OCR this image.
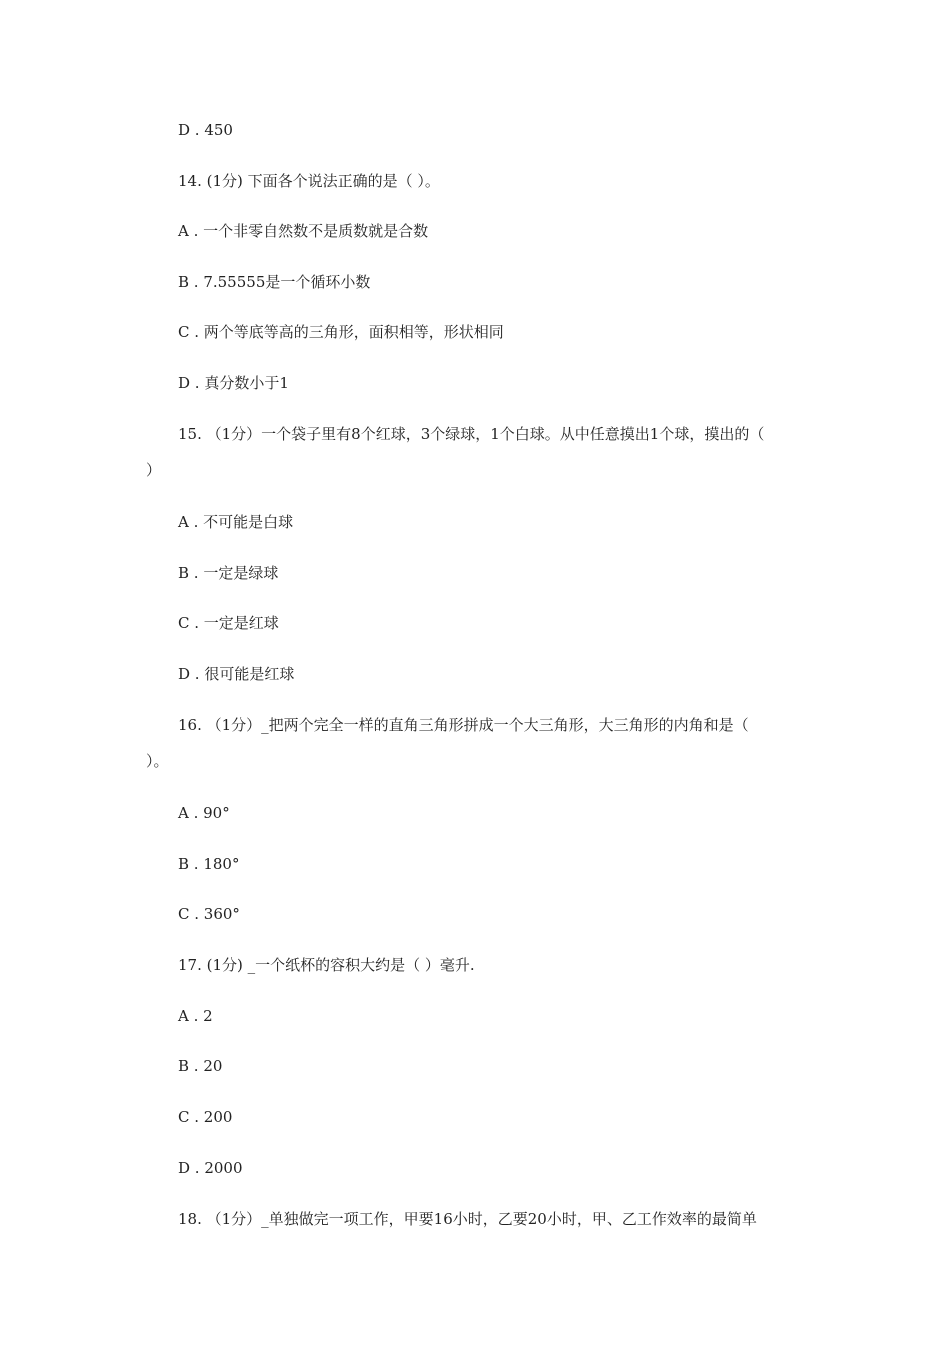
D . 450
14. (1分) 下面各个说法正确的是（ ）。
A . 一个非零自然数不是质数就是合数
B . 7.55555是一个循环小数
C . 两个等底等高的三角形，面积相等，形状相同
D . 真分数小于1
15. （1分）一个袋子里有8个红球，3个绿球，1个白球。从中任意摸出1个球，摸出的（
）
A . 不可能是白球
B . 一定是绿球
C . 一定是红球
D . 很可能是红球
16. （1分）_把两个完全一样的直角三角形拼成一个大三角形，大三角形的内角和是（
）。
A . 90°
B . 180°
C . 360°
17. (1分) _一个纸杯的容积大约是（ ）毫升.
A . 2
B . 20
C . 200
D . 2000
18. （1分）_单独做完一项工作，甲要16小时，乙要20小时，甲、乙工作效率的最简单
